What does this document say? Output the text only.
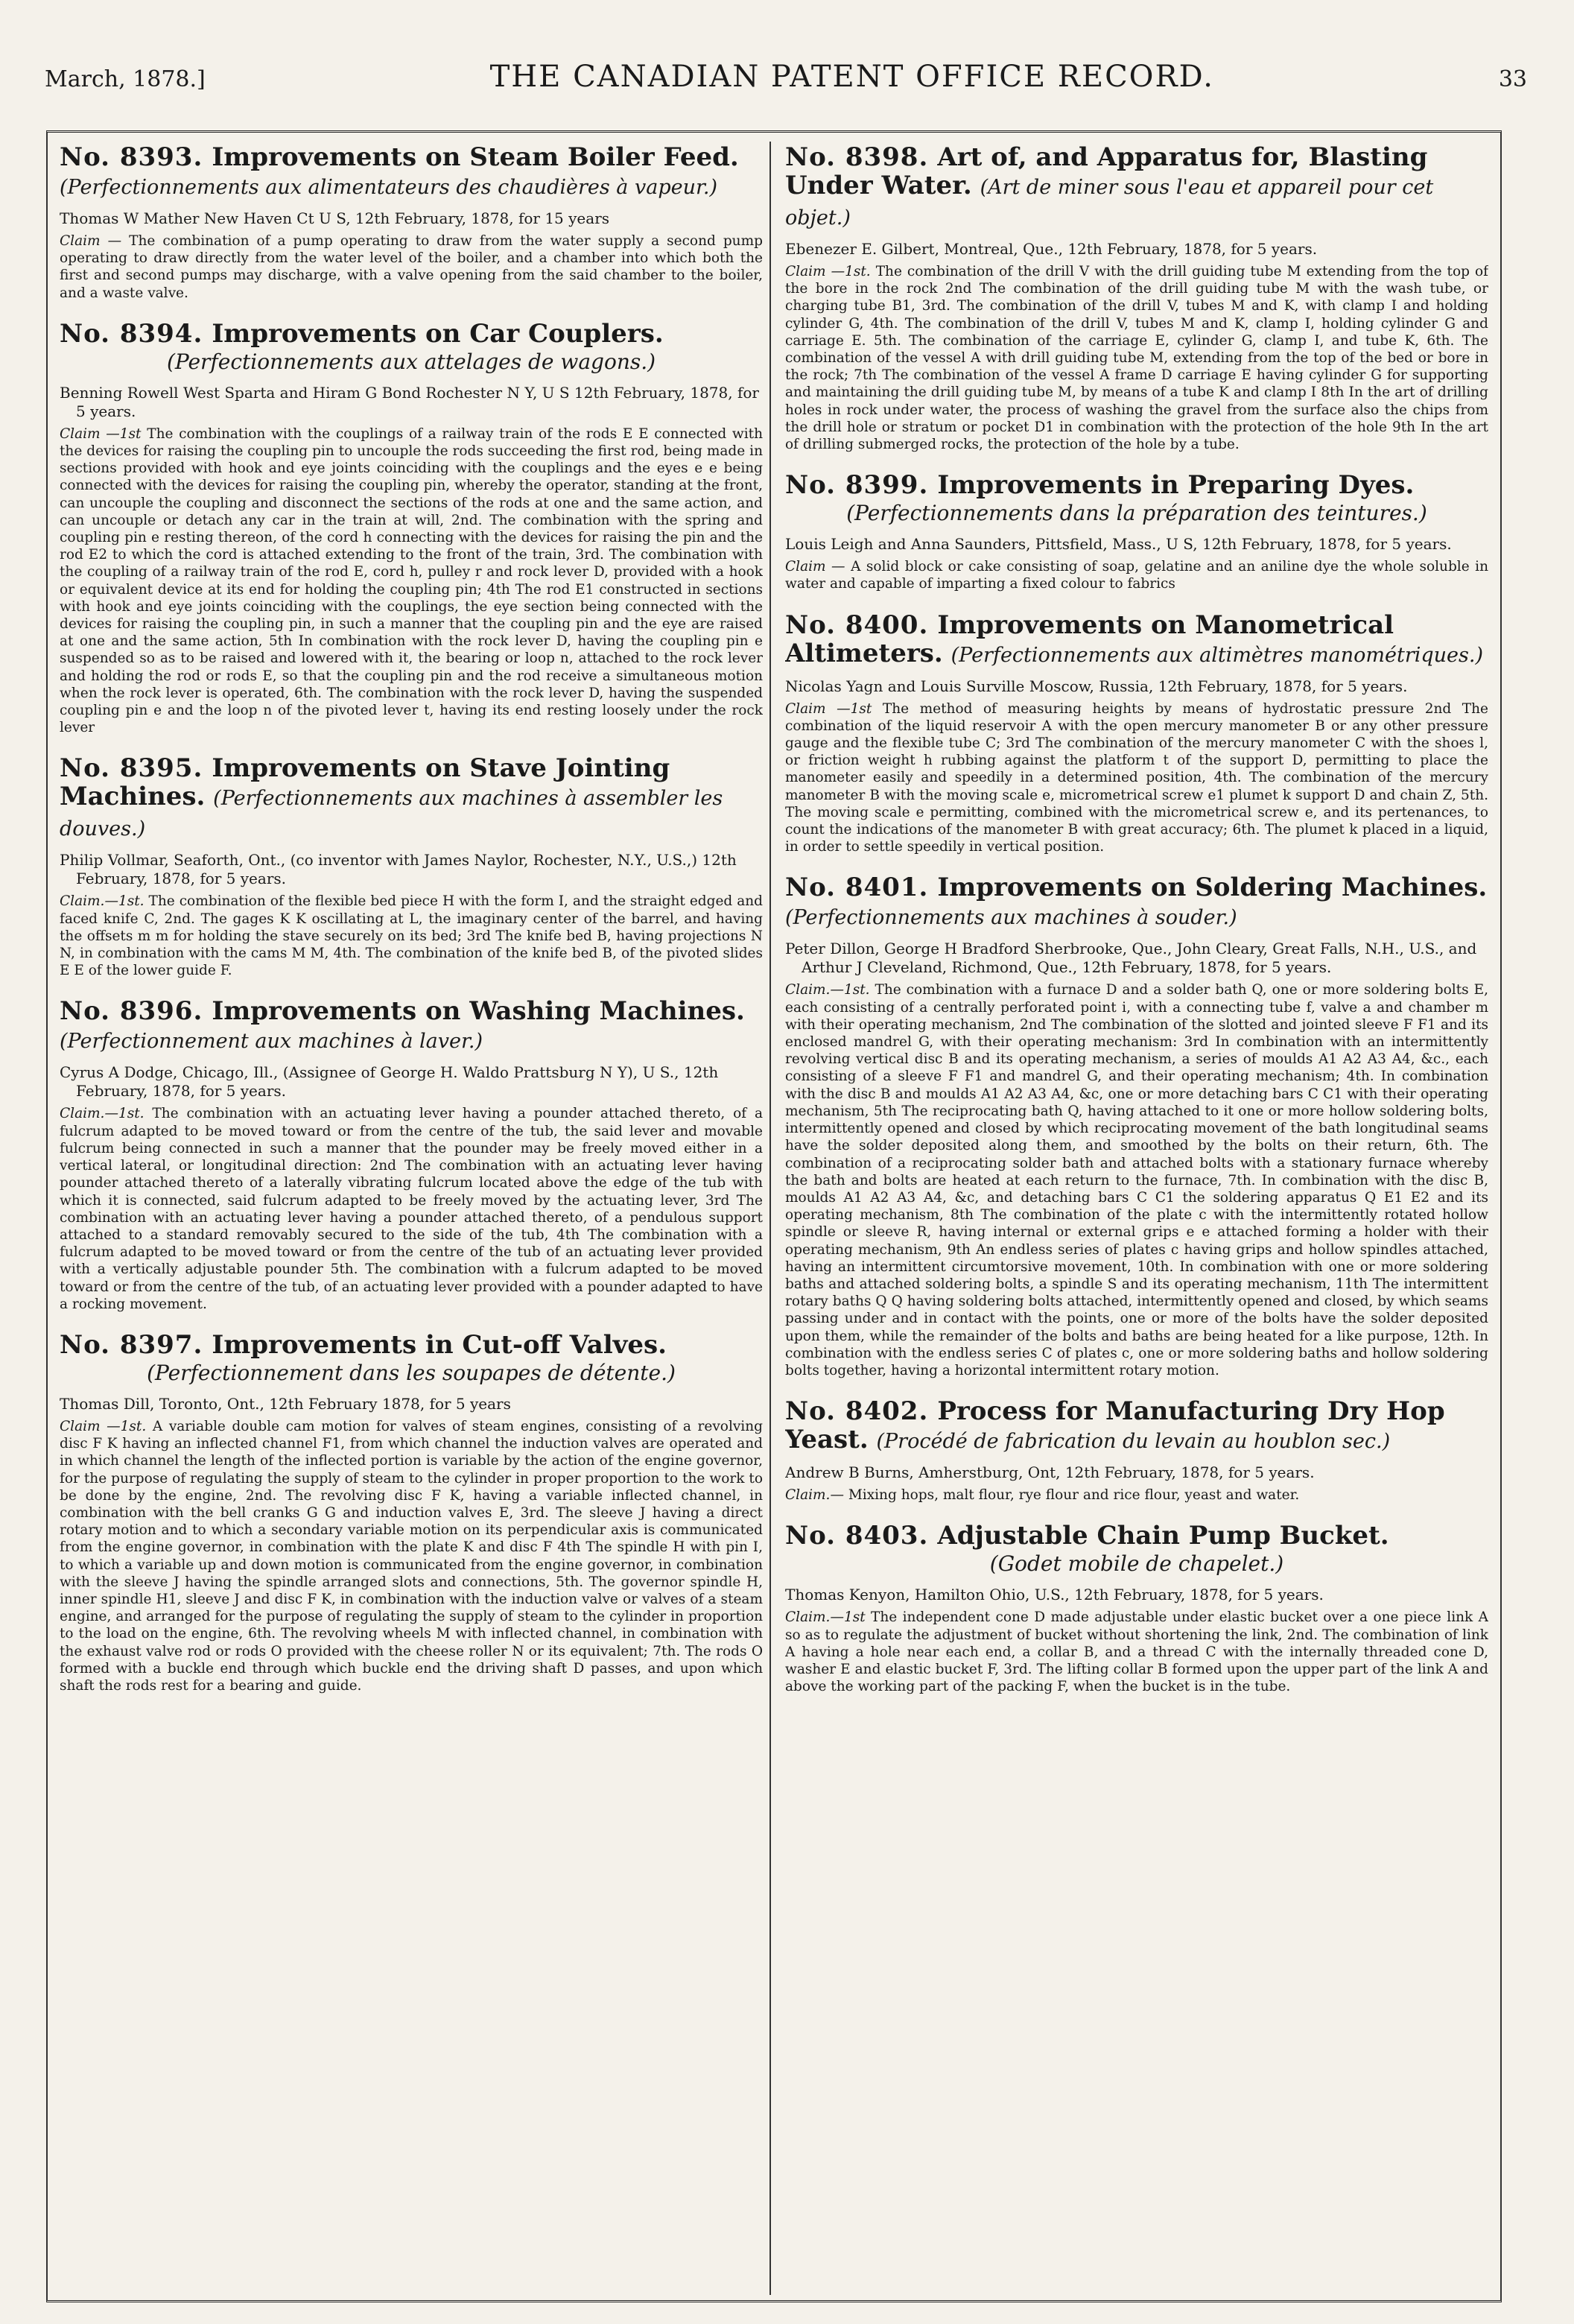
March, 1878.]	THE CANADIAN PATENT OFFICE RECORD.	33

No. 8393. Improvements on Steam Boiler Feed. (Perfectionnements aux alimentateurs des chaudières à vapeur.)

Thomas W Mather New Haven Ct U S, 12th February, 1878, for 15 years

Claim — The combination of a pump operating to draw from the water supply a second pump operating to draw directly from the water level of the boiler, and a chamber into which both the first and second pumps may discharge, with a valve opening from the said chamber to the boiler, and a waste valve.

No. 8394. Improvements on Car Couplers.

(Perfectionnements aux attelages de wagons.)

Benning Rowell West Sparta and Hiram G Bond Rochester N Y, U S 12th February, 1878, for 5 years.

Claim —1st The combination with the couplings of a railway train of the rods E E connected with the devices for raising the coupling pin to uncouple the rods succeeding the first rod, being made in sections provided with hook and eye joints coinciding with the couplings and the eyes e e being connected with the devices for raising the coupling pin, whereby the operator, standing at the front, can uncouple the coupling and disconnect the sections of the rods at one and the same action, and can uncouple or detach any car in the train at will, 2nd. The combination with the spring and coupling pin e resting thereon, of the cord h connecting with the devices for raising the pin and the rod E2 to which the cord is attached extending to the front of the train, 3rd. The combination with the coupling of a railway train of the rod E, cord h, pulley r and rock lever D, provided with a hook or equivalent device at its end for holding the coupling pin; 4th The rod E1 constructed in sections with hook and eye joints coinciding with the couplings, the eye section being connected with the devices for raising the coupling pin, in such a manner that the coupling pin and the eye are raised at one and the same action, 5th In combination with the rock lever D, having the coupling pin e suspended so as to be raised and lowered with it, the bearing or loop n, attached to the rock lever and holding the rod or rods E, so that the coupling pin and the rod receive a simultaneous motion when the rock lever is operated, 6th. The combination with the rock lever D, having the suspended coupling pin e and the loop n of the pivoted lever t, having its end resting loosely under the rock lever

No. 8395. Improvements on Stave Jointing Machines. (Perfectionnements aux machines à assembler les douves.)

Philip Vollmar, Seaforth, Ont., (co inventor with James Naylor, Rochester, N.Y., U.S.,) 12th February, 1878, for 5 years.

Claim.—1st. The combination of the flexible bed piece H with the form I, and the straight edged and faced knife C, 2nd. The gages K K oscillating at L, the imaginary center of the barrel, and having the offsets m m for holding the stave securely on its bed; 3rd The knife bed B, having projections N N, in combination with the cams M M, 4th. The combination of the knife bed B, of the pivoted slides E E of the lower guide F.

No. 8396. Improvements on Washing Machines. (Perfectionnement aux machines à laver.)

Cyrus A Dodge, Chicago, Ill., (Assignee of George H. Waldo Prattsburg N Y), U S., 12th February, 1878, for 5 years.

Claim.—1st. The combination with an actuating lever having a pounder attached thereto, of a fulcrum adapted to be moved toward or from the centre of the tub, the said lever and movable fulcrum being connected in such a manner that the pounder may be freely moved either in a vertical lateral, or longitudinal direction: 2nd The combination with an actuating lever having pounder attached thereto of a laterally vibrating fulcrum located above the edge of the tub with which it is connected, said fulcrum adapted to be freely moved by the actuating lever, 3rd The combination with an actuating lever having a pounder attached thereto, of a pendulous support attached to a standard removably secured to the side of the tub, 4th The combination with a fulcrum adapted to be moved toward or from the centre of the tub of an actuating lever provided with a vertically adjustable pounder 5th. The combination with a fulcrum adapted to be moved toward or from the centre of the tub, of an actuating lever provided with a pounder adapted to have a rocking movement.

No. 8397. Improvements in Cut-off Valves.

(Perfectionnement dans les soupapes de détente.)

Thomas Dill, Toronto, Ont., 12th February 1878, for 5 years

Claim —1st. A variable double cam motion for valves of steam engines, consisting of a revolving disc F K having an inflected channel F1, from which channel the induction valves are operated and in which channel the length of the inflected portion is variable by the action of the engine governor, for the purpose of regulating the supply of steam to the cylinder in proper proportion to the work to be done by the engine, 2nd. The revolving disc F K, having a variable inflected channel, in combination with the bell cranks G G and induction valves E, 3rd. The sleeve J having a direct rotary motion and to which a secondary variable motion on its perpendicular axis is communicated from the engine governor, in combination with the plate K and disc F 4th The spindle H with pin I, to which a variable up and down motion is communicated from the engine governor, in combination with the sleeve J having the spindle arranged slots and connections, 5th. The governor spindle H, inner spindle H1, sleeve J and disc F K, in combination with the induction valve or valves of a steam engine, and arranged for the purpose of regulating the supply of steam to the cylinder in proportion to the load on the engine, 6th. The revolving wheels M with inflected channel, in combination with the exhaust valve rod or rods O provided with the cheese roller N or its equivalent; 7th. The rods O formed with a buckle end through which buckle end the driving shaft D passes, and upon which shaft the rods rest for a bearing and guide.

No. 8398. Art of, and Apparatus for, Blasting Under Water. (Art de miner sous l'eau et appareil pour cet objet.)

Ebenezer E. Gilbert, Montreal, Que., 12th February, 1878, for 5 years.

Claim —1st. The combination of the drill V with the drill guiding tube M extending from the top of the bore in the rock 2nd The combination of the drill guiding tube M with the wash tube, or charging tube B1, 3rd. The combination of the drill V, tubes M and K, with clamp I and holding cylinder G, 4th. The combination of the drill V, tubes M and K, clamp I, holding cylinder G and carriage E. 5th. The combination of the carriage E, cylinder G, clamp I, and tube K, 6th. The combination of the vessel A with drill guiding tube M, extending from the top of the bed or bore in the rock; 7th The combination of the vessel A frame D carriage E having cylinder G for supporting and maintaining the drill guiding tube M, by means of a tube K and clamp I 8th In the art of drilling holes in rock under water, the process of washing the gravel from the surface also the chips from the drill hole or stratum or pocket D1 in combination with the protection of the hole 9th In the art of drilling submerged rocks, the protection of the hole by a tube.

No. 8399. Improvements in Preparing Dyes.

(Perfectionnements dans la préparation des teintures.)

Louis Leigh and Anna Saunders, Pittsfield, Mass., U S, 12th February, 1878, for 5 years.

Claim — A solid block or cake consisting of soap, gelatine and an aniline dye the whole soluble in water and capable of imparting a fixed colour to fabrics

No. 8400. Improvements on Manometrical Altimeters. (Perfectionnements aux altimètres manométriques.)

Nicolas Yagn and Louis Surville Moscow, Russia, 12th February, 1878, for 5 years.

Claim —1st The method of measuring heights by means of hydrostatic pressure 2nd The combination of the liquid reservoir A with the open mercury manometer B or any other pressure gauge and the flexible tube C; 3rd The combination of the mercury manometer C with the shoes l, or friction weight h rubbing against the platform t of the support D, permitting to place the manometer easily and speedily in a determined position, 4th. The combination of the mercury manometer B with the moving scale e, micrometrical screw e1 plumet k support D and chain Z, 5th. The moving scale e permitting, combined with the micrometrical screw e, and its pertenances, to count the indications of the manometer B with great accuracy; 6th. The plumet k placed in a liquid, in order to settle speedily in vertical position.

No. 8401. Improvements on Soldering Machines. (Perfectionnements aux machines à souder.)

Peter Dillon, George H Bradford Sherbrooke, Que., John Cleary, Great Falls, N.H., U.S., and Arthur J Cleveland, Richmond, Que., 12th February, 1878, for 5 years.

Claim.—1st. The combination with a furnace D and a solder bath Q, one or more soldering bolts E, each consisting of a centrally perforated point i, with a connecting tube f, valve a and chamber m with their operating mechanism, 2nd The combination of the slotted and jointed sleeve F F1 and its enclosed mandrel G, with their operating mechanism: 3rd In combination with an intermittently revolving vertical disc B and its operating mechanism, a series of moulds A1 A2 A3 A4, &c., each consisting of a sleeve F F1 and mandrel G, and their operating mechanism; 4th. In combination with the disc B and moulds A1 A2 A3 A4, &c, one or more detaching bars C C1 with their operating mechanism, 5th The reciprocating bath Q, having attached to it one or more hollow soldering bolts, intermittently opened and closed by which reciprocating movement of the bath longitudinal seams have the solder deposited along them, and smoothed by the bolts on their return, 6th. The combination of a reciprocating solder bath and attached bolts with a stationary furnace whereby the bath and bolts are heated at each return to the furnace, 7th. In combination with the disc B, moulds A1 A2 A3 A4, &c, and detaching bars C C1 the soldering apparatus Q E1 E2 and its operating mechanism, 8th The combination of the plate c with the intermittently rotated hollow spindle or sleeve R, having internal or external grips e e attached forming a holder with their operating mechanism, 9th An endless series of plates c having grips and hollow spindles attached, having an intermittent circumtorsive movement, 10th. In combination with one or more soldering baths and attached soldering bolts, a spindle S and its operating mechanism, 11th The intermittent rotary baths Q Q having soldering bolts attached, intermittently opened and closed, by which seams passing under and in contact with the points, one or more of the bolts have the solder deposited upon them, while the remainder of the bolts and baths are being heated for a like purpose, 12th. In combination with the endless series C of plates c, one or more soldering baths and hollow soldering bolts together, having a horizontal intermittent rotary motion.

No. 8402. Process for Manufacturing Dry Hop Yeast. (Procédé de fabrication du levain au houblon sec.)

Andrew B Burns, Amherstburg, Ont, 12th February, 1878, for 5 years.

Claim.— Mixing hops, malt flour, rye flour and rice flour, yeast and water.

No. 8403. Adjustable Chain Pump Bucket.

(Godet mobile de chapelet.)

Thomas Kenyon, Hamilton Ohio, U.S., 12th February, 1878, for 5 years.

Claim.—1st The independent cone D made adjustable under elastic bucket over a one piece link A so as to regulate the adjustment of bucket without shortening the link, 2nd. The combination of link A having a hole near each end, a collar B, and a thread C with the internally threaded cone D, washer E and elastic bucket F, 3rd. The lifting collar B formed upon the upper part of the link A and above the working part of the packing F, when the bucket is in the tube.
